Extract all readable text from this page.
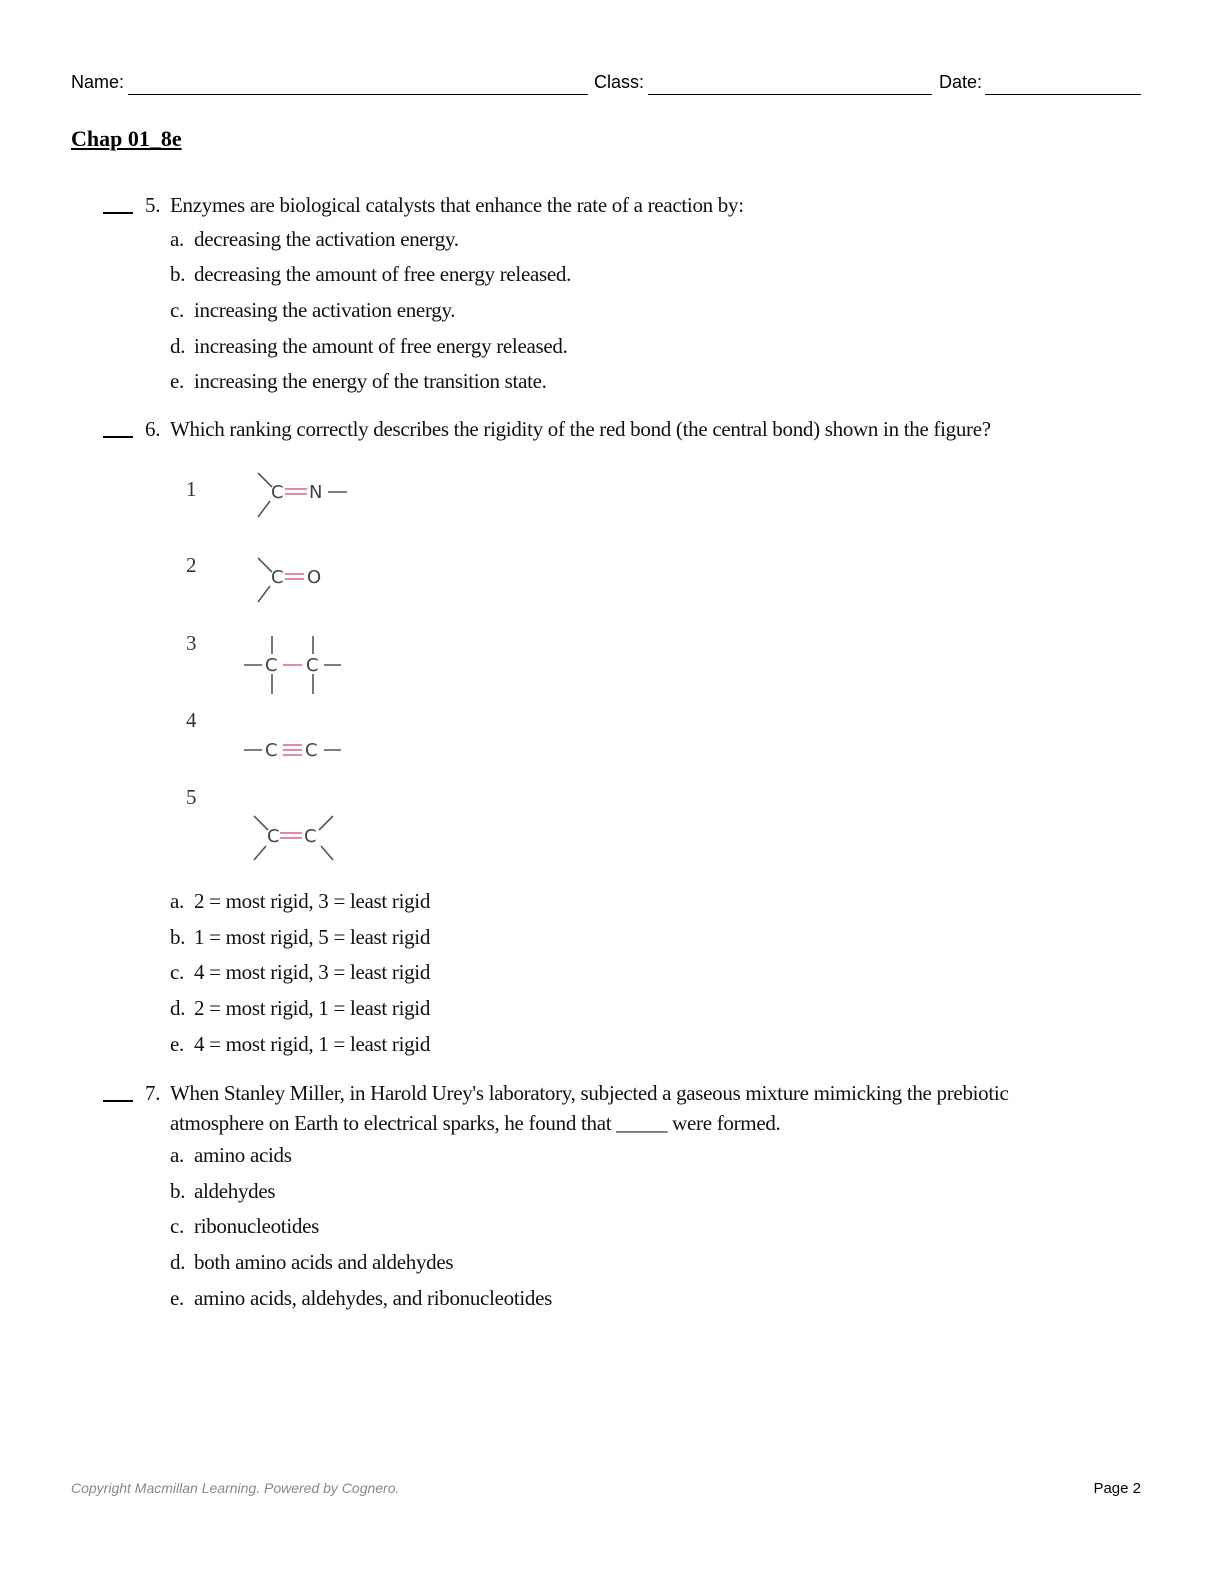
Name:	Class:	Date:
Chap 01_8e
5. Enzymes are biological catalysts that enhance the rate of a reaction by:
a. decreasing the activation energy.
b. decreasing the amount of free energy released.
c. increasing the activation energy.
d. increasing the amount of free energy released.
e. increasing the energy of the transition state.
6. Which ranking correctly describes the rigidity of the red bond (the central bond) shown in the figure?
1	C N
2
C O
3
C C
4
C C
5
C C
a. 2 = most rigid, 3 = least rigid
b. 1 = most rigid, 5 = least rigid
c. 4 = most rigid, 3 = least rigid
d. 2 = most rigid, 1 = least rigid
e. 4 = most rigid, 1 = least rigid
7. When Stanley Miller, in Harold Urey's laboratory, subjected a gaseous mixture mimicking the prebiotic
atmosphere on Earth to electrical sparks, he found that _____ were formed.
a. amino acids
b. aldehydes
c. ribonucleotides
d. both amino acids and aldehydes
e. amino acids, aldehydes, and ribonucleotides
Copyright Macmillan Learning. Powered by Cognero.	Page 2
